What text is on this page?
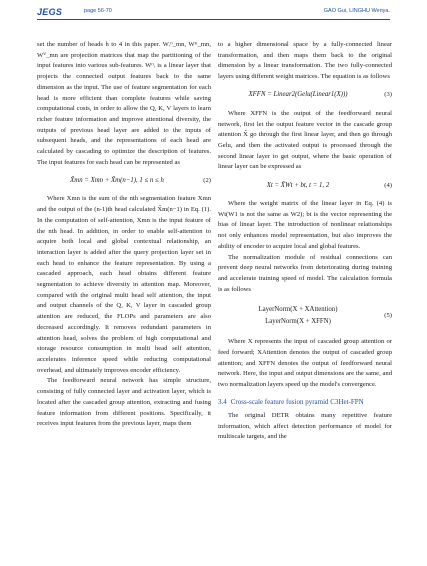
JEGS	page 56-70	GAO Gui, LINGHU Wenya.

set the number of heads h to 4 in this paper. Wᵢᴼ_mn, Wᴷ_mn, Wⱽ_mn are projection matrices that map the partitioning of the input features into various sub-features. Wᴼᵢ is a linear layer that projects the connected output features back to the same dimension as the input. The use of feature segmentation for each head is more efficient than complete features while saving computational costs, in order to allow the Q, K, V layers to learn richer feature information and improve attentional diversity, the outputs of previous head layer are added to the inputs of subsequent heads, and the representations of each head are calculated by cascading to optimize the description of features. The input features for each head can be represented as

X̃mn = Xmn + X̃m(n−1), 1 ≤ n ≤ h	(2)

Where Xmn is the sum of the nth segmentation feature Xmn and the output of the (n-1)th head calculated X̃m(n−1) in Eq. (1). In the computation of self-attention, Xmn is the input feature of the nth head. In addition, in order to enable self-attention to acquire both local and global contextual relationship, an interaction layer is added after the query projection layer set in each head to enhance the feature representation. By using a cascaded approach, each head obtains different feature segmentation to achieve diversity in attention map. Moreover, compared with the original multi head self attention, the input and output channels of the Q, K, V layer in cascaded group attention are reduced, the FLOPs and parameters are also decreased accordingly. It removes redundant parameters in attention head, solves the problem of high computational and storage resource consumption in multi head self attention, accelerates inference speed while reducing computational overhead, and ultimately improves encoder efficiency.

The feedforward neural network has simple structure, consisting of fully connected layer and activation layer, which is located after the cascaded group attention, extracting and fusing feature information from different positions. Specifically, it receives input features from the previous layer, maps them

to a higher dimensional space by a fully-connected linear transformation, and then maps them back to the original dimension by a linear transformation. The two fully-connected layers using different weight matrices. The equation is as follows

XFFN = Linear2(Gelu(Linear1(X)))	(3)

Where XFFN is the output of the feedforward neural network, first let the output feature vector in the cascade group attention X̃ go through the first linear layer, and then go through Gelu, and then the activated output is processed through the second linear layer to get output, where the basic operation of linear layer can be expressed as

Xt = X̃Wt + bt, t = 1, 2	(4)

Where the weight matrix of the linear layer in Eq. (4) is Wt(W1 is not the same as W2); bt is the vector representing the bias of linear layer. The introduction of nonlinear relationships not only enhances model representation, but also improves the ability of encoder to acquire local and global features.

The normalization module of residual connections can prevent deep neural networks from deteriorating during training and accelerate training speed of model. The calculation formula is as follows

LayerNorm(X + XAttention)
LayerNorm(X + XFFN)
(5)

Where X represents the input of cascaded group attention or feed forward; XAttention denotes the output of cascaded group attention; and XFFN denotes the output of feedforward neural network. Here, the input and output dimensions are the same, and two normalization layers speed up the model's convergence.

3.4 Cross-scale feature fusion pyramid C3Het-FPN

The original DETR obtains many repetitive feature information, which affect detection performance of model for multiscale targets, and the
